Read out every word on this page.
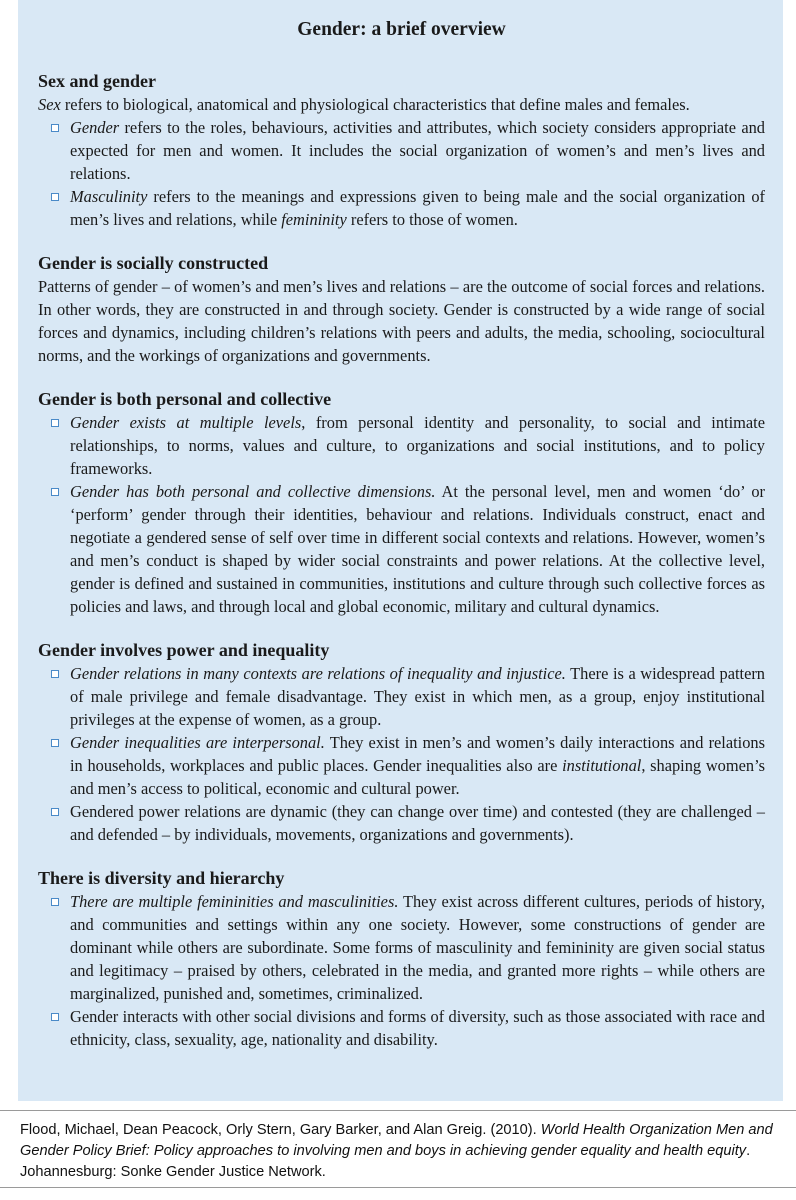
Gender: a brief overview
Sex and gender
Sex refers to biological, anatomical and physiological characteristics that define males and females.
Gender refers to the roles, behaviours, activities and attributes, which society considers appropriate and expected for men and women. It includes the social organization of women’s and men’s lives and relations.
Masculinity refers to the meanings and expressions given to being male and the social organization of men’s lives and relations, while femininity refers to those of women.
Gender is socially constructed
Patterns of gender – of women’s and men’s lives and relations – are the outcome of social forces and relations. In other words, they are constructed in and through society. Gender is constructed by a wide range of social forces and dynamics, including children’s relations with peers and adults, the media, schooling, sociocultural norms, and the workings of organizations and governments.
Gender is both personal and collective
Gender exists at multiple levels, from personal identity and personality, to social and intimate relationships, to norms, values and culture, to organizations and social institutions, and to policy frameworks.
Gender has both personal and collective dimensions. At the personal level, men and women ‘do’ or ‘perform’ gender through their identities, behaviour and relations. Individuals construct, enact and negotiate a gendered sense of self over time in different social contexts and relations. However, women’s and men’s conduct is shaped by wider social constraints and power relations. At the collective level, gender is defined and sustained in communities, institutions and culture through such collective forces as policies and laws, and through local and global economic, military and cultural dynamics.
Gender involves power and inequality
Gender relations in many contexts are relations of inequality and injustice. There is a widespread pattern of male privilege and female disadvantage. They exist in which men, as a group, enjoy institutional privileges at the expense of women, as a group.
Gender inequalities are interpersonal. They exist in men’s and women’s daily interactions and relations in households, workplaces and public places. Gender inequalities also are institutional, shaping women’s and men’s access to political, economic and cultural power.
Gendered power relations are dynamic (they can change over time) and contested (they are challenged – and defended – by individuals, movements, organizations and governments).
There is diversity and hierarchy
There are multiple femininities and masculinities. They exist across different cultures, periods of history, and communities and settings within any one society. However, some constructions of gender are dominant while others are subordinate. Some forms of masculinity and femininity are given social status and legitimacy – praised by others, celebrated in the media, and granted more rights – while others are marginalized, punished and, sometimes, criminalized.
Gender interacts with other social divisions and forms of diversity, such as those associated with race and ethnicity, class, sexuality, age, nationality and disability.
Flood, Michael, Dean Peacock, Orly Stern, Gary Barker, and Alan Greig. (2010). World Health Organization Men and Gender Policy Brief: Policy approaches to involving men and boys in achieving gender equality and health equity. Johannesburg: Sonke Gender Justice Network.
